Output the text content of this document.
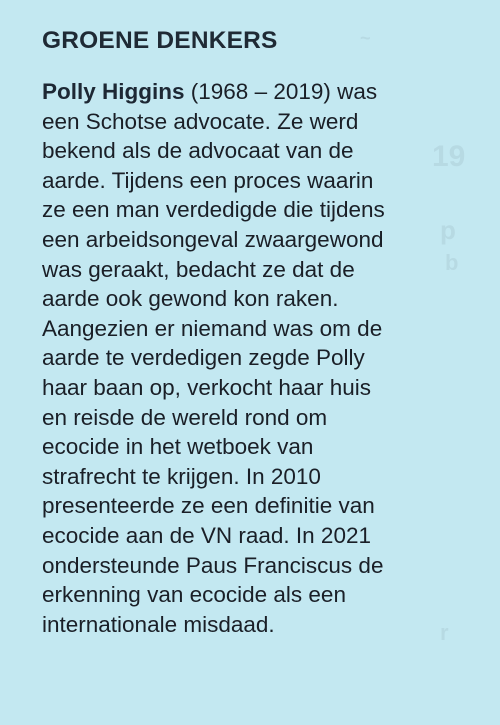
19
p
b
r
~
GROENE DENKERS
Polly Higgins (1968 – 2019) was
een Schotse advocate. Ze werd
bekend als de advocaat van de
aarde. Tijdens een proces waarin
ze een man verdedigde die tijdens
een arbeidsongeval zwaargewond
was geraakt, bedacht ze dat de
aarde ook gewond kon raken.
Aangezien er niemand was om de
aarde te verdedigen zegde Polly
haar baan op, verkocht haar huis
en reisde de wereld rond om
ecocide in het wetboek van
strafrecht te krijgen. In 2010
presenteerde ze een definitie van
ecocide aan de VN raad. In 2021
ondersteunde Paus Franciscus de
erkenning van ecocide als een
internationale misdaad.
